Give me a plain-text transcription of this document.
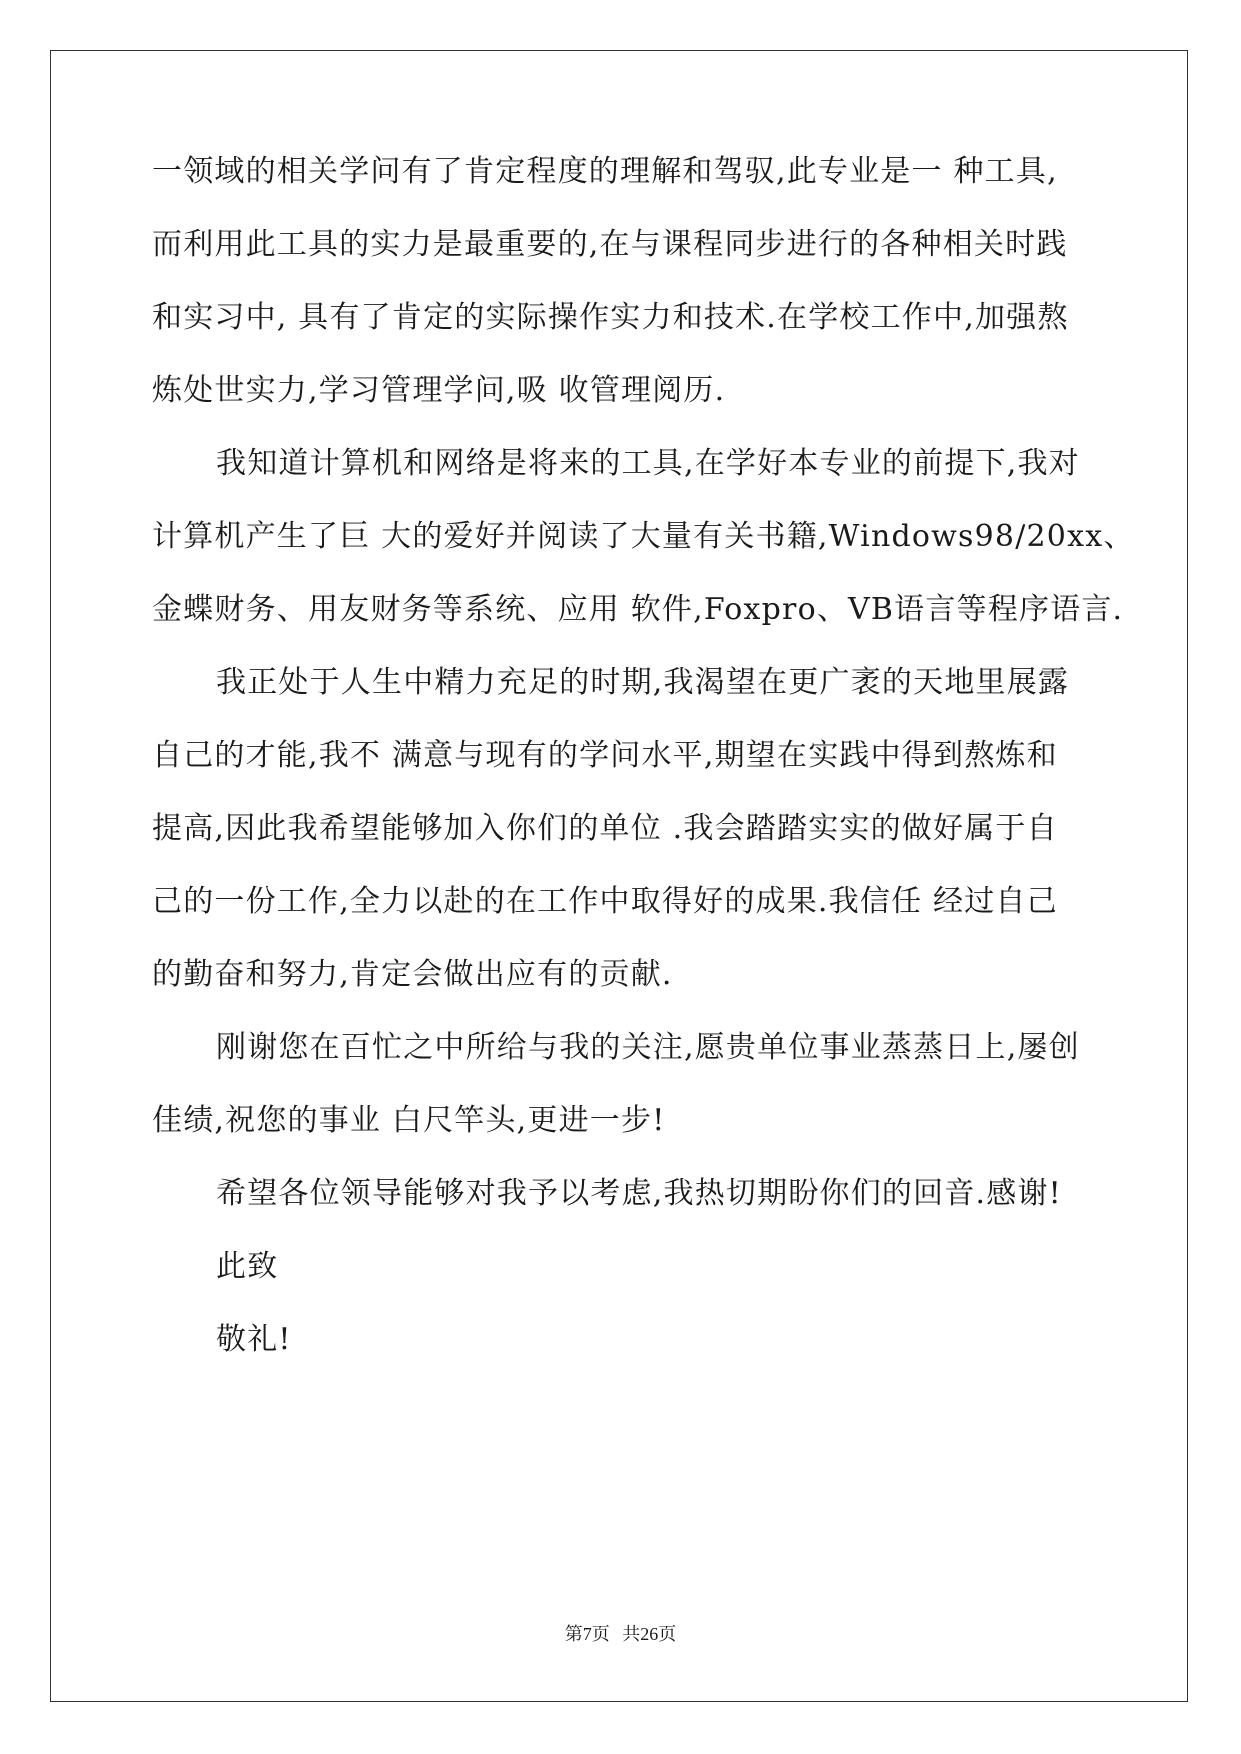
一领域的相关学问有了肯定程度的理解和驾驭,此专业是一 种工具,
而利用此工具的实力是最重要的,在与课程同步进行的各种相关时践
和实习中, 具有了肯定的实际操作实力和技术.在学校工作中,加强熬
炼处世实力,学习管理学问,吸 收管理阅历.
我知道计算机和网络是将来的工具,在学好本专业的前提下,我对
计算机产生了巨 大的爱好并阅读了大量有关书籍,Windows98/20xx、
金蝶财务、用友财务等系统、应用 软件,Foxpro、VB语言等程序语言.
我正处于人生中精力充足的时期,我渴望在更广袤的天地里展露
自己的才能,我不 满意与现有的学问水平,期望在实践中得到熬炼和
提高,因此我希望能够加入你们的单位 .我会踏踏实实的做好属于自
己的一份工作,全力以赴的在工作中取得好的成果.我信任 经过自己
的勤奋和努力,肯定会做出应有的贡献.
刚谢您在百忙之中所给与我的关注,愿贵单位事业蒸蒸日上,屡创
佳绩,祝您的事业 白尺竿头,更进一步!
希望各位领导能够对我予以考虑,我热切期盼你们的回音.感谢!
此致
敬礼!
第7页 共26页
